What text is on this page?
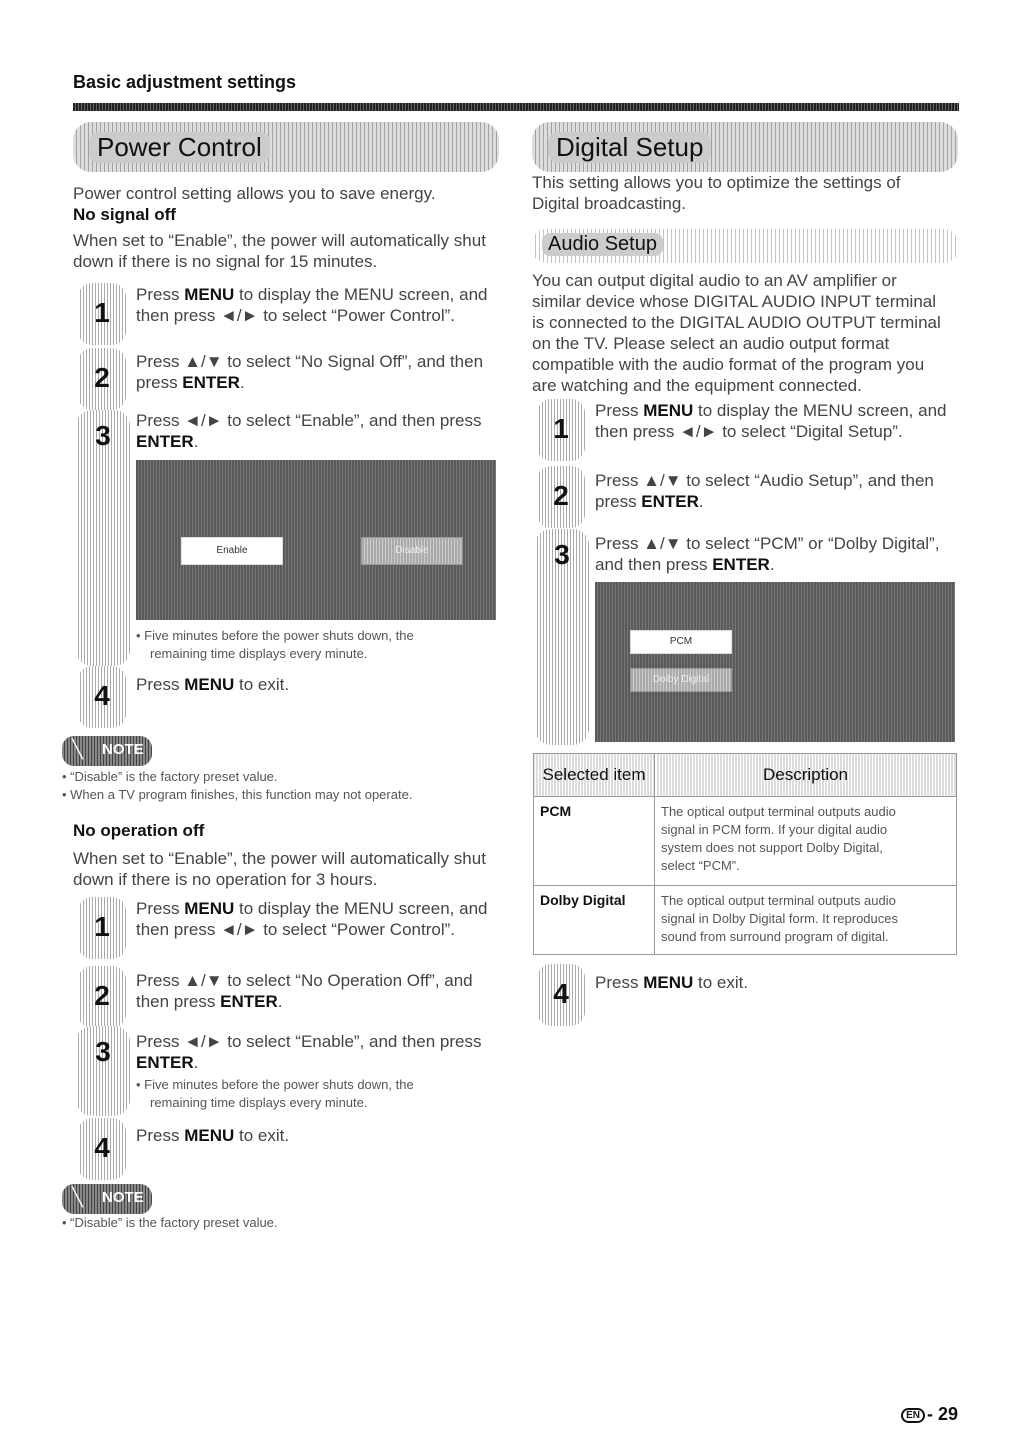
Basic adjustment settings
Power Control
Power control setting allows you to save energy.
No signal off
When set to “Enable”, the power will automatically shut
down if there is no signal for 15 minutes.
1
Press MENU to display the MENU screen, and
then press ◄/► to select “Power Control”.
2
Press ▲/▼ to select “No Signal Off”, and then
press ENTER.
3	Press ◄/► to select “Enable”, and then press
ENTER.
Enable	Disable
• Five minutes before the power shuts down, the
remaining time displays every minute.
4	Press MENU to exit.
╲ NOTE
• “Disable” is the factory preset value.
• When a TV program finishes, this function may not operate.
No operation off
When set to “Enable”, the power will automatically shut
down if there is no operation for 3 hours.
1
Press MENU to display the MENU screen, and
then press ◄/► to select “Power Control”.
2	Press ▲/▼ to select “No Operation Off”, and
then press ENTER.
3	Press ◄/► to select “Enable”, and then press
ENTER.
• Five minutes before the power shuts down, the
remaining time displays every minute.
4	Press MENU to exit.
╲ NOTE
• “Disable” is the factory preset value.
Digital Setup
This setting allows you to optimize the settings of
Digital broadcasting.
Audio Setup
You can output digital audio to an AV amplifier or
similar device whose DIGITAL AUDIO INPUT terminal
is connected to the DIGITAL AUDIO OUTPUT terminal
on the TV. Please select an audio output format
compatible with the audio format of the program you
are watching and the equipment connected.
1
Press MENU to display the MENU screen, and
then press ◄/► to select “Digital Setup”.
2	Press ▲/▼ to select “Audio Setup”, and then
press ENTER.
3	Press ▲/▼ to select “PCM” or “Dolby Digital”,
and then press ENTER.
PCM
Dolby Digital
Selected item	Description
PCM	The optical output terminal outputs audio
signal in PCM form. If your digital audio
system does not support Dolby Digital,
select “PCM”.

Dolby Digital	The optical output terminal outputs audio
signal in Dolby Digital form. It reproduces
sound from surround program of digital.
4	Press MENU to exit.
EN - 29
